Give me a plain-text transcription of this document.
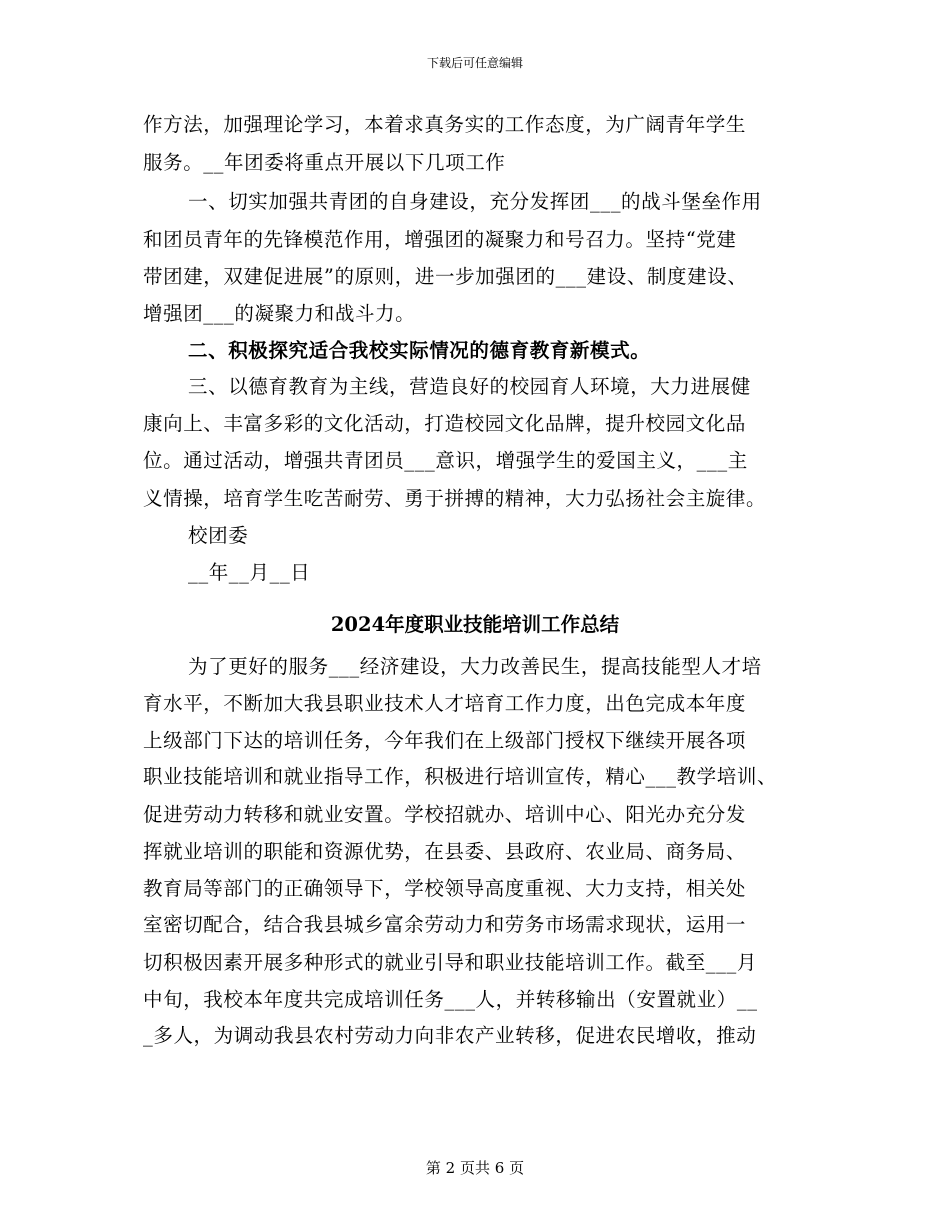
下载后可任意编辑

作方法，加强理论学习，本着求真务实的工作态度，为广阔青年学生

服务。__年团委将重点开展以下几项工作

一、切实加强共青团的自身建设，充分发挥团___的战斗堡垒作用

和团员青年的先锋模范作用，增强团的凝聚力和号召力。坚持“党建

带团建，双建促进展”的原则，进一步加强团的___建设、制度建设、

增强团___的凝聚力和战斗力。

二、积极探究适合我校实际情况的德育教育新模式。

三、以德育教育为主线，营造良好的校园育人环境，大力进展健

康向上、丰富多彩的文化活动，打造校园文化品牌，提升校园文化品

位。通过活动，增强共青团员___意识，增强学生的爱国主义，___主

义情操，培育学生吃苦耐劳、勇于拼搏的精神，大力弘扬社会主旋律。

校团委

__年__月__日

2024年度职业技能培训工作总结

为了更好的服务___经济建设，大力改善民生，提高技能型人才培

育水平，不断加大我县职业技术人才培育工作力度，出色完成本年度

上级部门下达的培训任务，今年我们在上级部门授权下继续开展各项

职业技能培训和就业指导工作，积极进行培训宣传，精心___教学培训、

促进劳动力转移和就业安置。学校招就办、培训中心、阳光办充分发

挥就业培训的职能和资源优势，在县委、县政府、农业局、商务局、

教育局等部门的正确领导下，学校领导高度重视、大力支持，相关处

室密切配合，结合我县城乡富余劳动力和劳务市场需求现状，运用一

切积极因素开展多种形式的就业引导和职业技能培训工作。截至___月

中旬，我校本年度共完成培训任务___人，并转移输出（安置就业）__

_多人，为调动我县农村劳动力向非农产业转移，促进农民增收，推动

第 2 页共 6 页
